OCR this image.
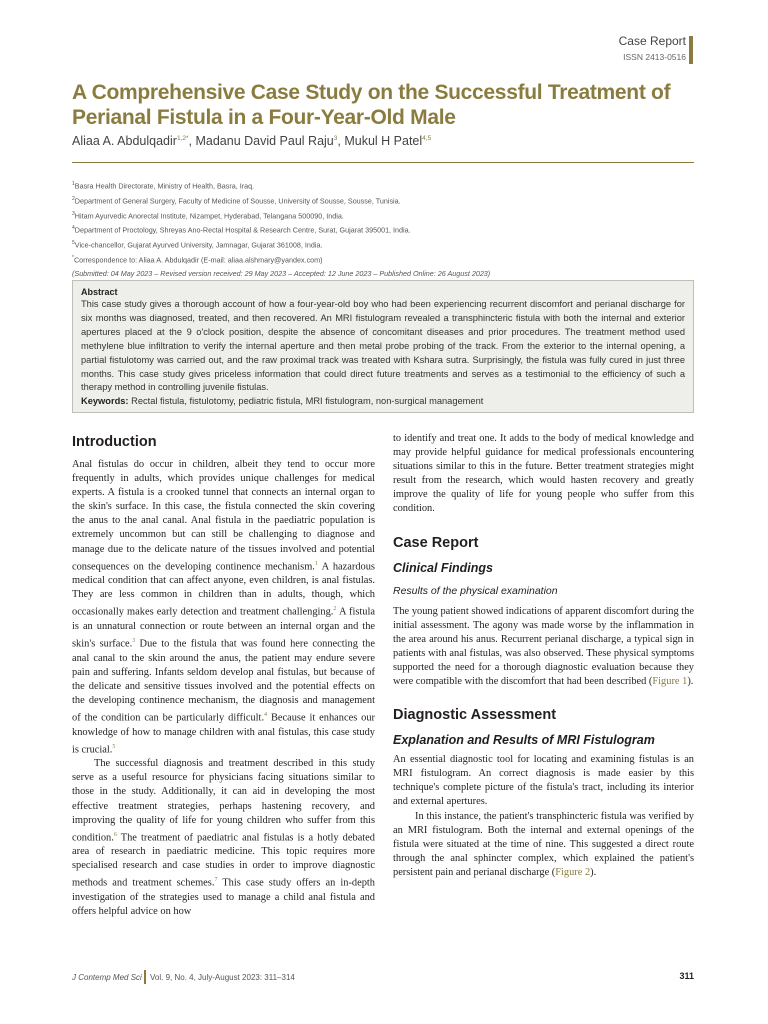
Case Report
ISSN 2413-0516
A Comprehensive Case Study on the Successful Treatment of Perianal Fistula in a Four-Year-Old Male
Aliaa A. Abdulqadir$^{1,2*}$, Madanu David Paul Raju$^3$, Mukul H Patel$^{4,5}$
$^1$Basra Health Directorate, Ministry of Health, Basra, Iraq.
$^2$Department of General Surgery, Faculty of Medicine of Sousse, University of Sousse, Sousse, Tunisia.
$^3$Hitam Ayurvedic Anorectal Institute, Nizampet, Hyderabad, Telangana 500090, India.
$^4$Department of Proctology, Shreyas Ano-Rectal Hospital & Research Centre, Surat, Gujarat 395001, India.
$^5$Vice-chancellor, Gujarat Ayurved University, Jamnagar, Gujarat 361008, India.
*Correspondence to: Aliaa A. Abdulqadir (E-mail: aliaa.alshmary@yandex.com)
(Submitted: 04 May 2023 – Revised version received: 29 May 2023 – Accepted: 12 June 2023 – Published Online: 26 August 2023)
Abstract

This case study gives a thorough account of how a four-year-old boy who had been experiencing recurrent discomfort and perianal discharge for six months was diagnosed, treated, and then recovered. An MRI fistulogram revealed a transphincteric fistula with both the internal and exterior apertures placed at the 9 o'clock position, despite the absence of concomitant diseases and prior procedures. The treatment method used methylene blue infiltration to verify the internal aperture and then metal probe probing of the track. From the exterior to the internal opening, a partial fistulotomy was carried out, and the raw proximal track was treated with Kshara sutra. Surprisingly, the fistula was fully cured in just three months. This case study gives priceless information that could direct future treatments and serves as a testimonial to the efficiency of such a therapy method in controlling juvenile fistulas.

Keywords: Rectal fistula, fistulotomy, pediatric fistula, MRI fistulogram, non-surgical management
Introduction

Anal fistulas do occur in children, albeit they tend to occur more frequently in adults, which provides unique challenges for medical experts. A fistula is a crooked tunnel that connects an internal organ to the skin's surface. In this case, the fistula connected the skin covering the anus to the anal canal. Anal fistula in the paediatric population is extremely uncommon but can still be challenging to diagnose and manage due to the delicate nature of the tissues involved and potential consequences on the developing continence mechanism.$^1$ A hazardous medical condition that can affect anyone, even children, is anal fistulas. They are less common in children than in adults, though, which occasionally makes early detection and treatment challenging.$^2$ A fistula is an unnatural connection or route between an internal organ and the skin's surface.$^3$ Due to the fistula that was found here connecting the anal canal to the skin around the anus, the patient may endure severe pain and suffering. Infants seldom develop anal fistulas, but because of the delicate and sensitive tissues involved and the potential effects on the developing continence mechanism, the diagnosis and management of the condition can be particularly difficult.$^4$ Because it enhances our knowledge of how to manage children with anal fistulas, this case study is crucial.$^5$

The successful diagnosis and treatment described in this study serve as a useful resource for physicians facing situations similar to those in the study. Additionally, it can aid in developing the most effective treatment strategies, perhaps hastening recovery, and improving the quality of life for young children who suffer from this condition.$^6$ The treatment of paediatric anal fistulas is a hotly debated area of research in paediatric medicine. This topic requires more specialised research and case studies in order to improve diagnostic methods and treatment schemes.$^7$ This case study offers an in-depth investigation of the strategies used to manage a child anal fistula and offers helpful advice on how

to identify and treat one. It adds to the body of medical knowledge and may provide helpful guidance for medical professionals encountering situations similar to this in the future. Better treatment strategies might result from the research, which would hasten recovery and greatly improve the quality of life for young people who suffer from this condition.

Case Report
Clinical Findings
Results of the physical examination

The young patient showed indications of apparent discomfort during the initial assessment. The agony was made worse by the inflammation in the area around his anus. Recurrent perianal discharge, a typical sign in patients with anal fistulas, was also observed. These physical symptoms supported the need for a thorough diagnostic evaluation because they were compatible with the discomfort that had been described (Figure 1).

Diagnostic Assessment
Explanation and Results of MRI Fistulogram

An essential diagnostic tool for locating and examining fistulas is an MRI fistulogram. An correct diagnosis is made easier by this technique's complete picture of the fistula's tract, including its interior and external apertures.

In this instance, the patient's transphincteric fistula was verified by an MRI fistulogram. Both the internal and external openings of the fistula were situated at the time of nine. This suggested a direct route through the anal sphincter complex, which explained the patient's persistent pain and perianal discharge (Figure 2).

J Contemp Med Sci Vol. 9, No. 4, July-August 2023: 311–314	311
